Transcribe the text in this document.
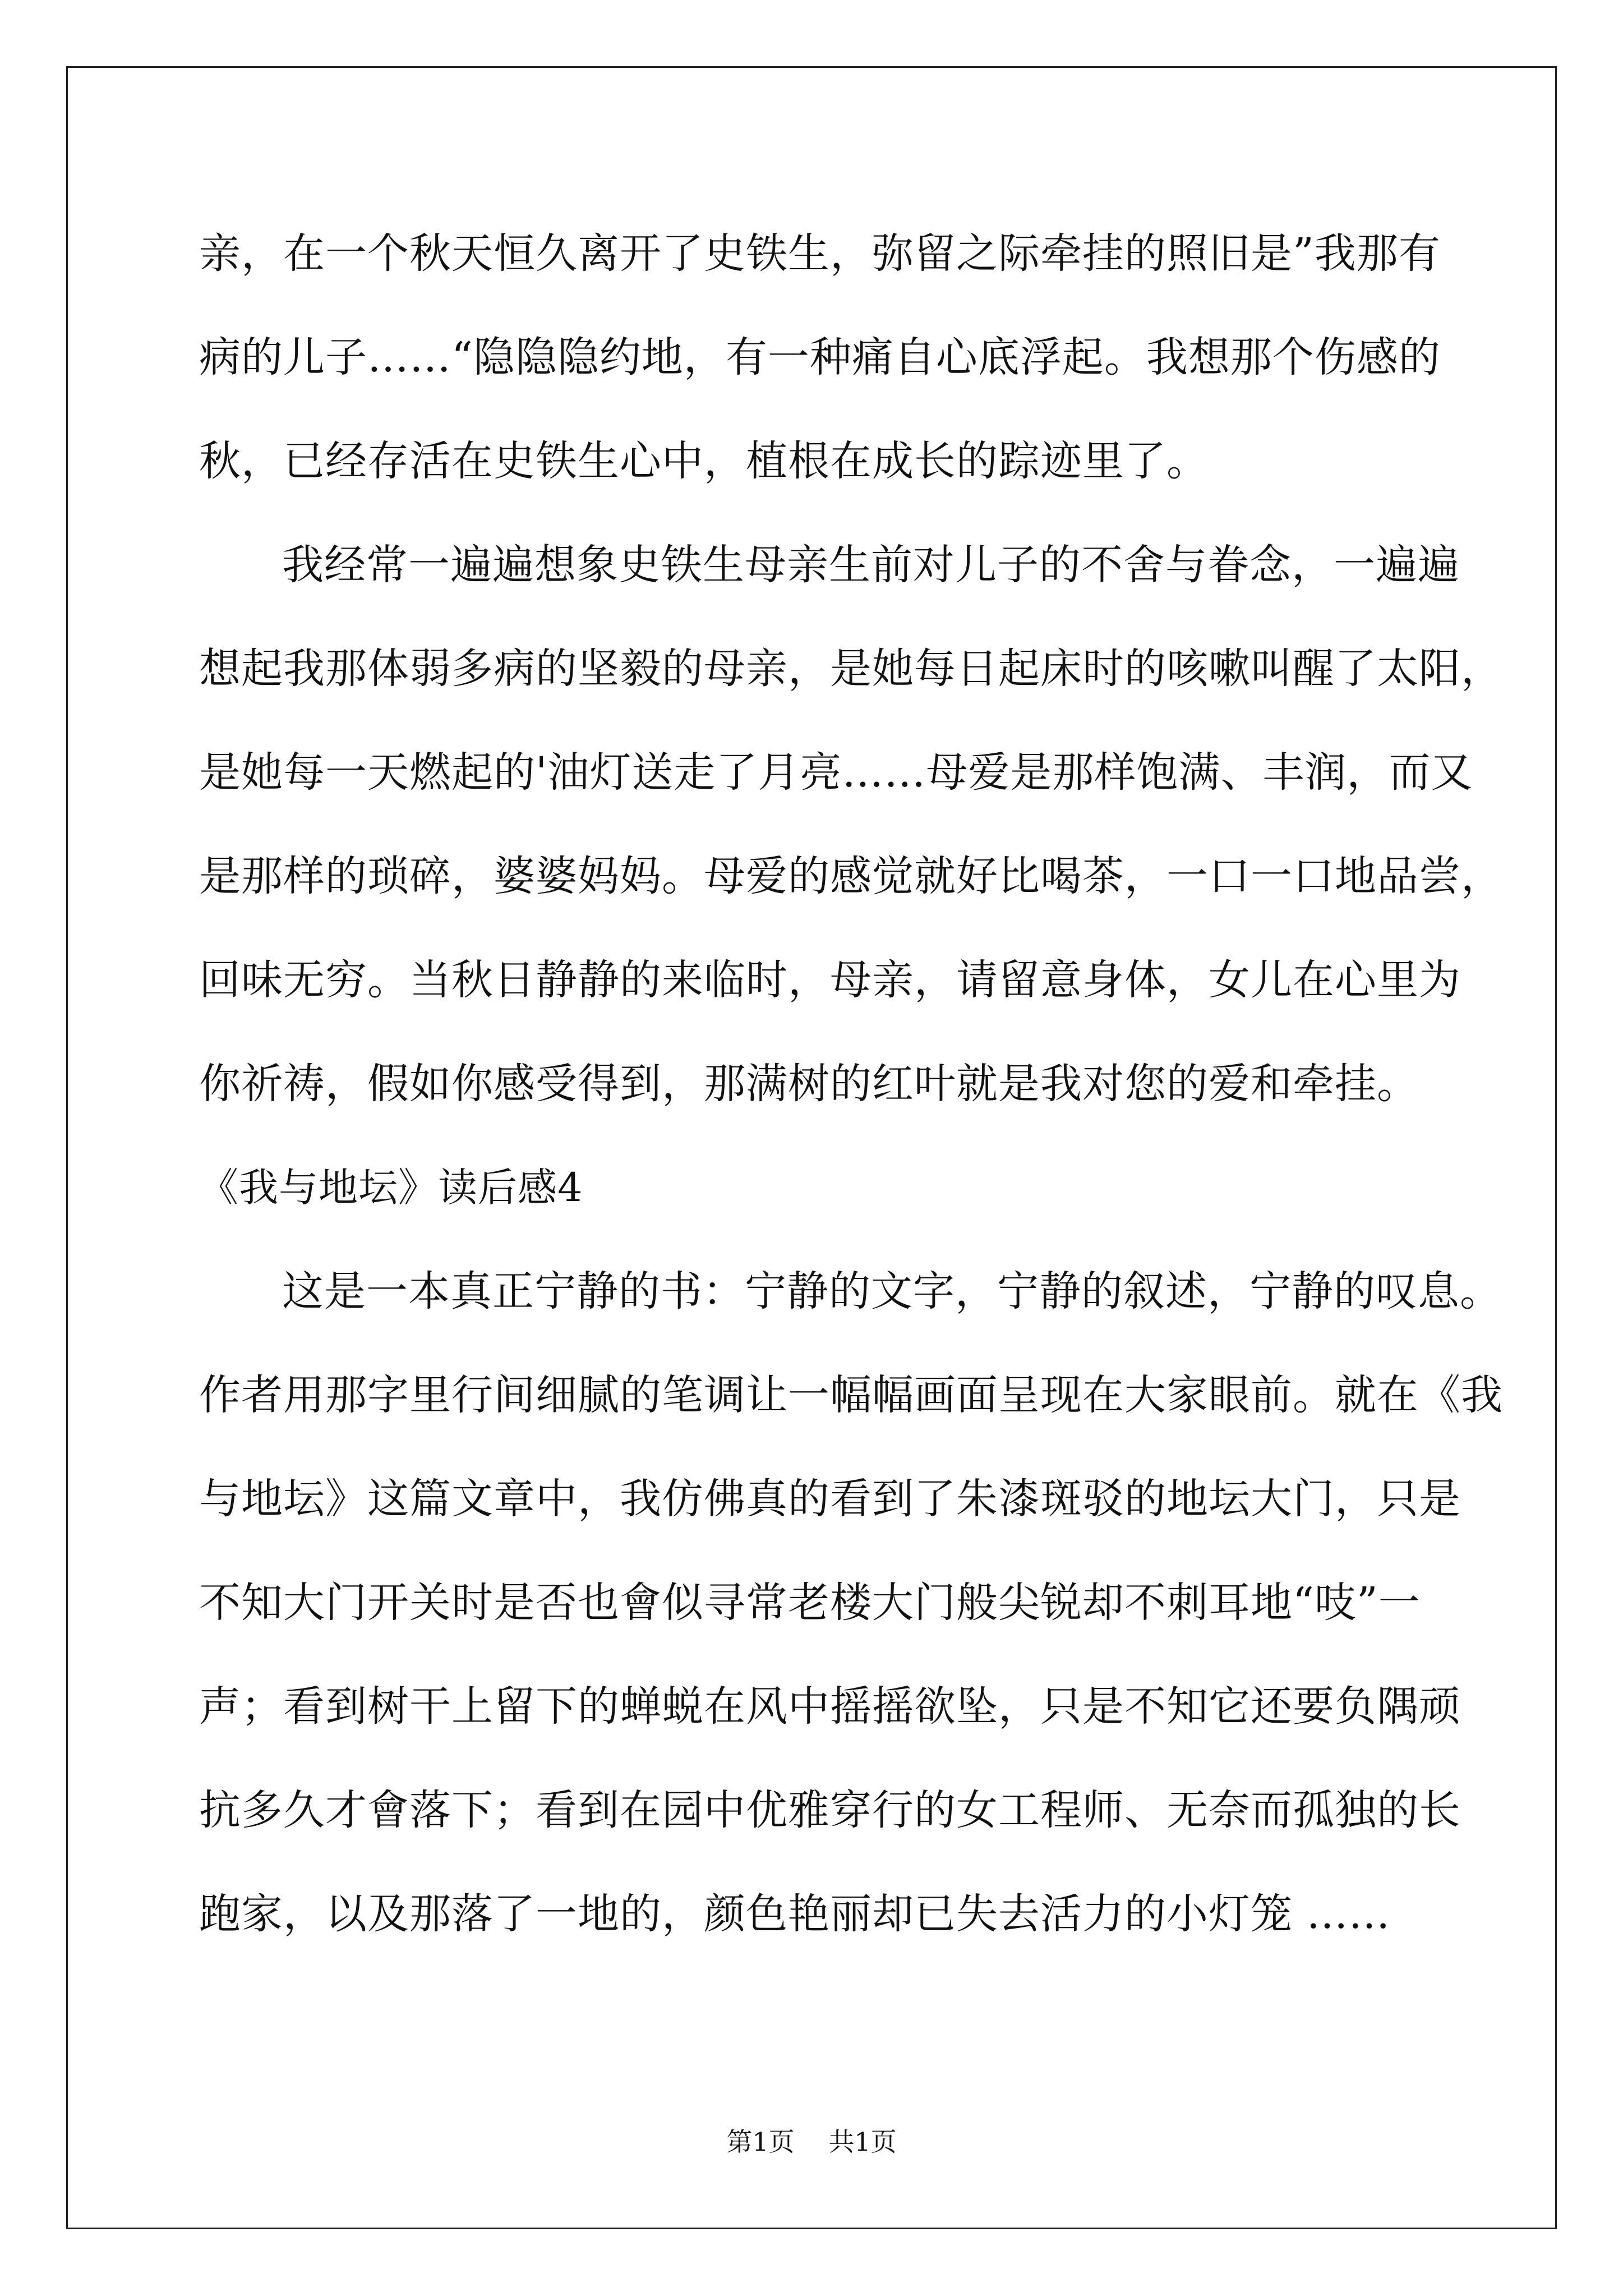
亲，在一个秋天恒久离开了史铁生，弥留之际牵挂的照旧是”我那有
病的儿子……“隐隐隐约地，有一种痛自心底浮起。我想那个伤感的
秋，已经存活在史铁生心中，植根在成长的踪迹里了。
我经常一遍遍想象史铁生母亲生前对儿子的不舍与眷念，一遍遍
想起我那体弱多病的坚毅的母亲，是她每日起床时的咳嗽叫醒了太阳，
是她每一天燃起的'油灯送走了月亮……母爱是那样饱满、丰润，而又
是那样的琐碎，婆婆妈妈。母爱的感觉就好比喝茶，一口一口地品尝，
回味无穷。当秋日静静的来临时，母亲，请留意身体，女儿在心里为
你祈祷，假如你感受得到，那满树的红叶就是我对您的爱和牵挂。
《我与地坛》读后感4
这是一本真正宁静的书：宁静的文字，宁静的叙述，宁静的叹息。
作者用那字里行间细腻的笔调让一幅幅画面呈现在大家眼前。就在《我
与地坛》这篇文章中，我仿佛真的看到了朱漆斑驳的地坛大门，只是
不知大门开关时是否也會似寻常老楼大门般尖锐却不刺耳地“吱”一
声；看到树干上留下的蝉蜕在风中摇摇欲坠，只是不知它还要负隅顽
抗多久才會落下；看到在园中优雅穿行的女工程师、无奈而孤独的长
跑家，以及那落了一地的，颜色艳丽却已失去活力的小灯笼 ……
第1页 共1页
